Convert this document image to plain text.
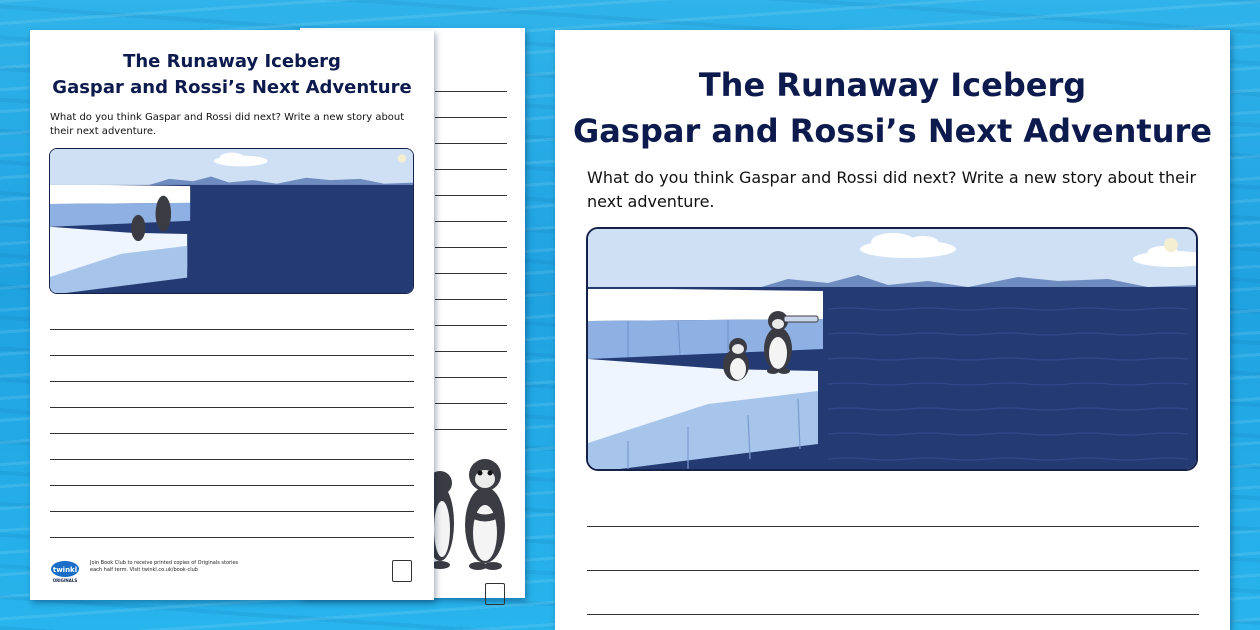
The Runaway Iceberg
Gaspar and Rossi’s Next Adventure
What do you think Gaspar and Rossi did next? Write a new story about their next adventure.
twinkl
ORIGINALS
Join Book Club to receive printed copies of Originals stories each half term. Visit twinkl.co.uk/book-club
The Runaway Iceberg
Gaspar and Rossi’s Next Adventure
What do you think Gaspar and Rossi did next? Write a new story about their next adventure.
